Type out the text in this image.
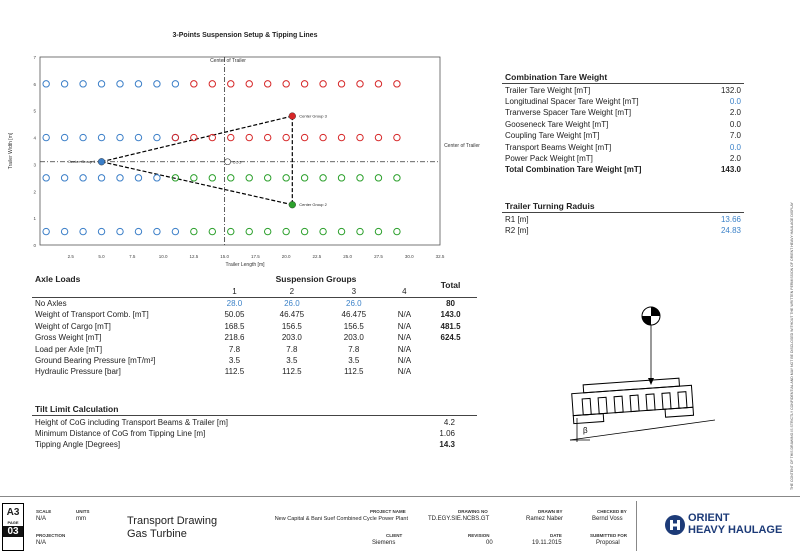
3-Points Suspension Setup & Tipping Lines
2.5	5.0	7.5	10.0	12.5	15.0	17.5	20.0	22.5	25.0	27.5	30.0	32.5
0
1
2
3
4
5
6
7
CCG
Center Group 1
Center Group 3
Center Group 2
Trailer Length [m]
Trailer Width [m]
Center of Trailer
Center of Trailer
Combination Tare Weight	
Trailer Tare Weight [mT]	132.0
Longitudinal Spacer Tare Weight [mT]	0.0
Tranverse Spacer Tare Weight [mT]	2.0
Gooseneck Tare Weight [mT]	0.0
Coupling Tare Weight [mT]	7.0
Transport Beams Weight [mT]	0.0
Power Pack Weight [mT]	2.0
Total Combination Tare Weight [mT]	143.0
Trailer Turning Raduis	
R1 [m]	13.66
R2 [m]	24.83
Axle Loads	Suspension Groups				Total
	1	2	3	4	
No Axles	28.0	26.0	26.0		80
Weight of Transport Comb. [mT]	50.05	46.475	46.475	N/A	143.0
Weight of Cargo [mT]	168.5	156.5	156.5	N/A	481.5
Gross Weight [mT]	218.6	203.0	203.0	N/A	624.5
Load per Axle [mT]	7.8	7.8	7.8	N/A	
Ground Bearing Pressure [mT/m²]	3.5	3.5	3.5	N/A	
Hydraulic Pressure [bar]	112.5	112.5	112.5	N/A	
Tilt Limit Calculation	
Height of CoG including Transport Beams & Trailer [m]	4.2
Minimum Distance of CoG from Tipping Line [m]	1.06
Tipping Angle [Degrees]	14.3
β	THE CONTENT OF THIS DRAWING IS STRICTLY CONFIDENTIAL AND MAY NOT BE DISCLOSED WITHOUT THE WRITTEN PERMISSION OF ORIENT HEAVY HAULAGE DISPLAY
A3
PAGE
03
SCALE
N/A
UNITS
mm
PROJECTION
N/A
Transport Drawing
Gas Turbine
PROJECT NAME
New Capital & Bani Suef Combined Cycle Power Plant
CLIENT
Siemens
DRAWING NO
TD.EGY.SIE.NCBS.GT
REVISION
00
DRAWN BY
Ramez Naber
DATE
19.11.2015
CHECKED BY
Bernd Voss
SUBMITTED FOR
Proposal
ORIENT
HEAVY HAULAGE
